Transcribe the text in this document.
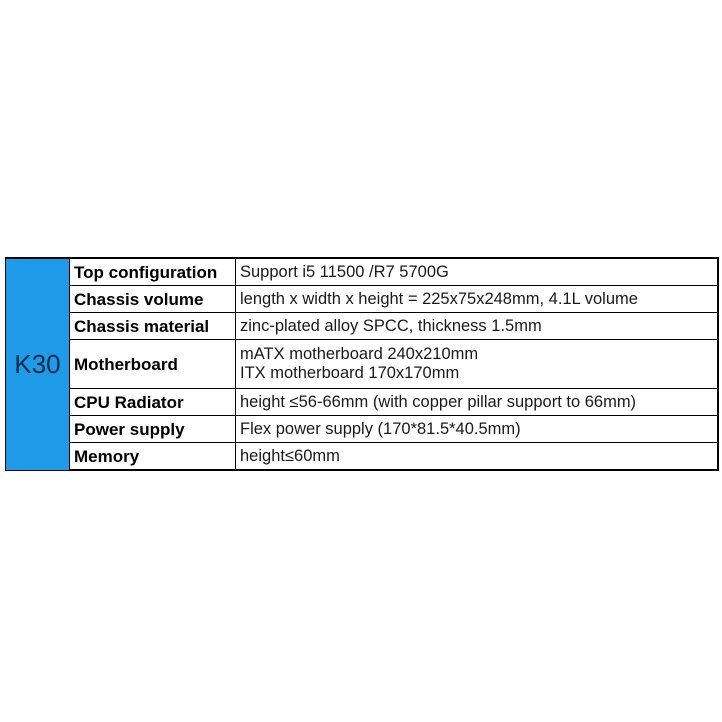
K30	Top configuration	Support i5 11500 /R7 5700G

	Chassis volume	length x width x height = 225x75x248mm, 4.1L volume

	Chassis material	zinc-plated alloy SPCC, thickness 1.5mm

	Motherboard	mATX motherboard 240x210mm
ITX motherboard 170x170mm

	CPU Radiator	height ≤56-66mm (with copper pillar support to 66mm)

	Power supply	Flex power supply (170*81.5*40.5mm)

	Memory	height≤60mm
